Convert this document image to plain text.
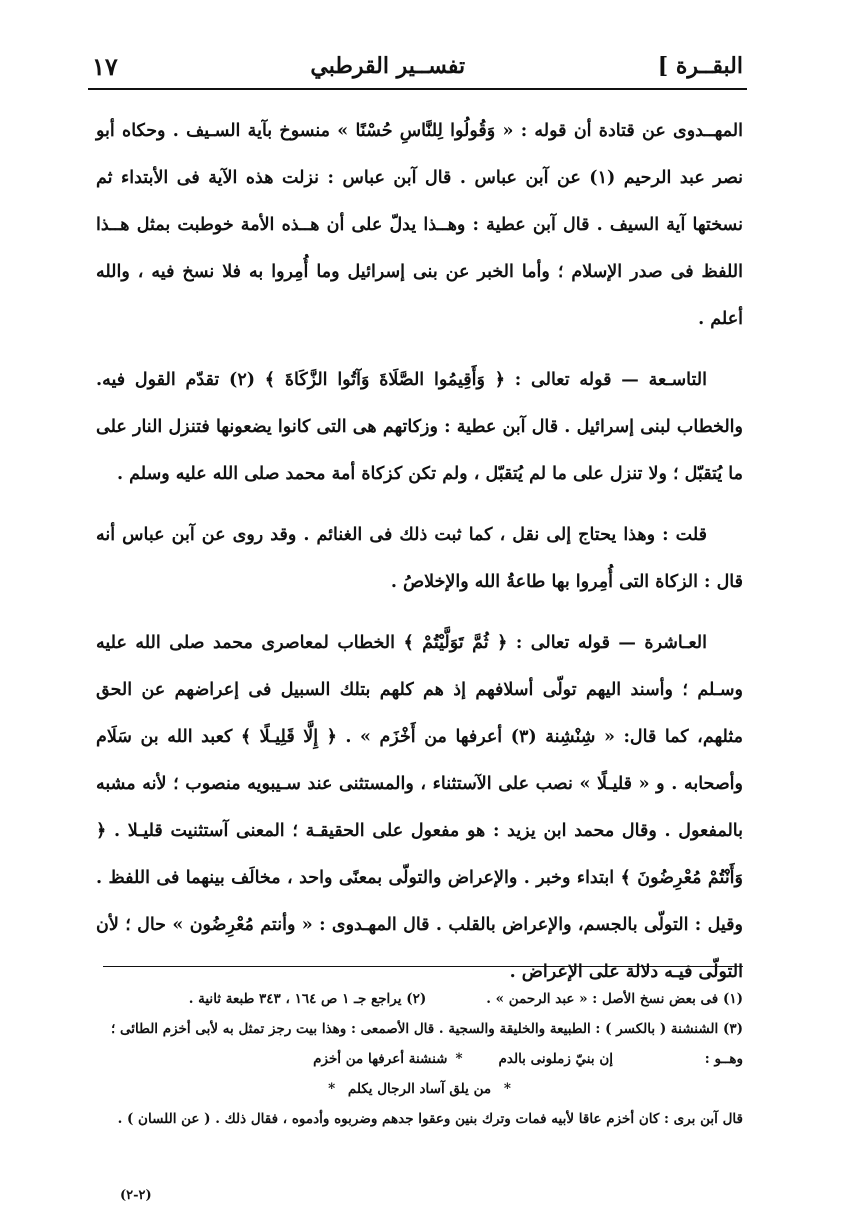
البقــرة ]
تفســير القرطبي
١٧

المهــدوى عن قتادة أن قوله : « وَقُولُوا لِلنَّاسِ حُسْنًا » منسوخ بآية السـيف . وحكاه أبو نصر عبد الرحيم (١) عن آبن عباس . قال آبن عباس : نزلت هذه الآية فى الأبتداء ثم نسختها آية السيف . قال آبن عطية : وهــذا يدلّ على أن هــذه الأمة خوطبت بمثل هــذا اللفظ فى صدر الإسلام ؛ وأما الخبر عن بنى إسرائيل وما أُمِروا به فلا نسخ فيه ، والله أعلم .

التاسـعة — قوله تعالى : ﴿ وَأَقِيمُوا الصَّلَاةَ وَآتُوا الزَّكَاةَ ﴾ (٢) تقدّم القول فيه. والخطاب لبنى إسرائيل . قال آبن عطية : وزكاتهم هى التى كانوا يضعونها فتنزل النار على ما يُتقبّل ؛ ولا تنزل على ما لم يُتقبّل ، ولم تكن كزكاة أمة محمد صلى الله عليه وسلم .

قلت : وهذا يحتاج إلى نقل ، كما ثبت ذلك فى الغنائم . وقد روى عن آبن عباس أنه قال : الزكاة التى أُمِروا بها طاعةُ الله والإخلاصُ .

العـاشرة — قوله تعالى : ﴿ ثُمَّ تَوَلَّيْتُمْ ﴾ الخطاب لمعاصرى محمد صلى الله عليه وسـلم ؛ وأسند اليهم تولّى أسلافهم إذ هم كلهم بتلك السبيل فى إعراضهم عن الحق مثلهم، كما قال: « شِنْشِنة (٣) أعرفها من أَخْزَم » . ﴿ إِلَّا قَلِيـلًا ﴾ كعبد الله بن سَلَام وأصحابه . و « قليـلًا » نصب على الآستثناء ، والمستثنى عند سـيبويه منصوب ؛ لأنه مشبه بالمفعول . وقال محمد ابن يزيد : هو مفعول على الحقيقـة ؛ المعنى آستثنيت قليـلا . ﴿ وَأَنْتُمْ مُعْرِضُونَ ﴾ ابتداء وخبر . والإعراض والتولّى بمعنًى واحد ، مخالَف بينهما فى اللفظ . وقيل : التولّى بالجسم، والإعراض بالقلب . قال المهـدوى : « وأنتم مُعْرِضُون » حال ؛ لأن التولّى فيـه دلالة على الإعراض .

(١) فى بعض نسخ الأصل : « عبد الرحمن » .
(٢) يراجع جـ ١ ص ١٦٤ ، ٣٤٣ طبعة ثانية .
(٣) الشنشنة ( بالكسر ) : الطبيعة والخليقة والسجية . قال الأصمعى : وهذا بيت رجز تمثل به لأبى أخزم الطائى ؛
وهــو :
إن بنيّ زملونى بالدم
*
شنشنة أعرفها من أخزم
* من يلق آساد الرجال يكلم *
قال آبن برى : كان أخزم عاقا لأبيه فمات وترك بنين وعقوا جدهم وضربوه وأدموه ، فقال ذلك . ( عن اللسان ) .
(٢-٢)
